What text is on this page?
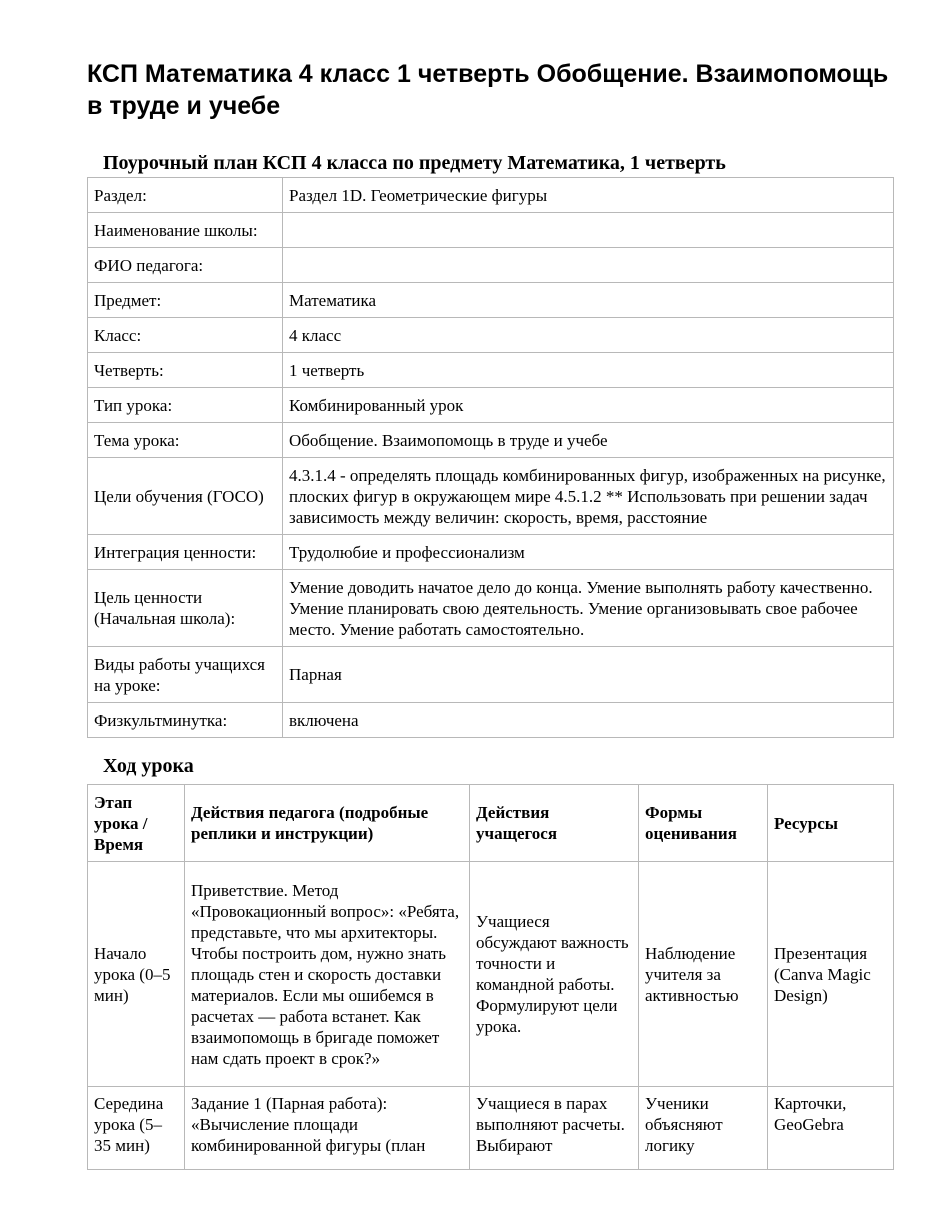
КСП Математика 4 класс 1 четверть Обобщение. Взаимопомощь в труде и учебе
Поурочный план КСП 4 класса по предмету Математика, 1 четверть
Раздел:	Раздел 1D. Геометрические фигуры
Наименование школы:	
ФИО педагога:	
Предмет:	Математика
Класс:	4 класс
Четверть:	1 четверть
Тип урока:	Комбинированный урок
Тема урока:	Обобщение. Взаимопомощь в труде и учебе
Цели обучения (ГОСО)	4.3.1.4 - определять площадь комбинированных фигур, изображенных на рисунке, плоских фигур в окружающем мире 4.5.1.2 ** Использовать при решении задач зависимость между величин: скорость, время, расстояние
Интеграция ценности:	Трудолюбие и профессионализм
Цель ценности (Начальная школа):	Умение доводить начатое дело до конца. Умение выполнять работу качественно. Умение планировать свою деятельность. Умение организовывать свое рабочее место. Умение работать самостоятельно.
Виды работы учащихся на уроке:	Парная
Физкультминутка:	включена
Ход урока
Этап урока / Время	Действия педагога (подробные реплики и инструкции)	Действия учащегося	Формы оценивания	Ресурсы
Начало урока (0–5 мин)	Приветствие. Метод «Провокационный вопрос»: «Ребята, представьте, что мы архитекторы. Чтобы построить дом, нужно знать площадь стен и скорость доставки материалов. Если мы ошибемся в расчетах — работа встанет. Как взаимопомощь в бригаде поможет нам сдать проект в срок?»	Учащиеся обсуждают важность точности и командной работы. Формулируют цели урока.	Наблюдение учителя за активностью	Презентация (Canva Magic Design)
Середина урока (5–35 мин)	Задание 1 (Парная работа): «Вычисление площади комбинированной фигуры (план	Учащиеся в парах выполняют расчеты. Выбирают	Ученики объясняют логику	Карточки, GeoGebra
